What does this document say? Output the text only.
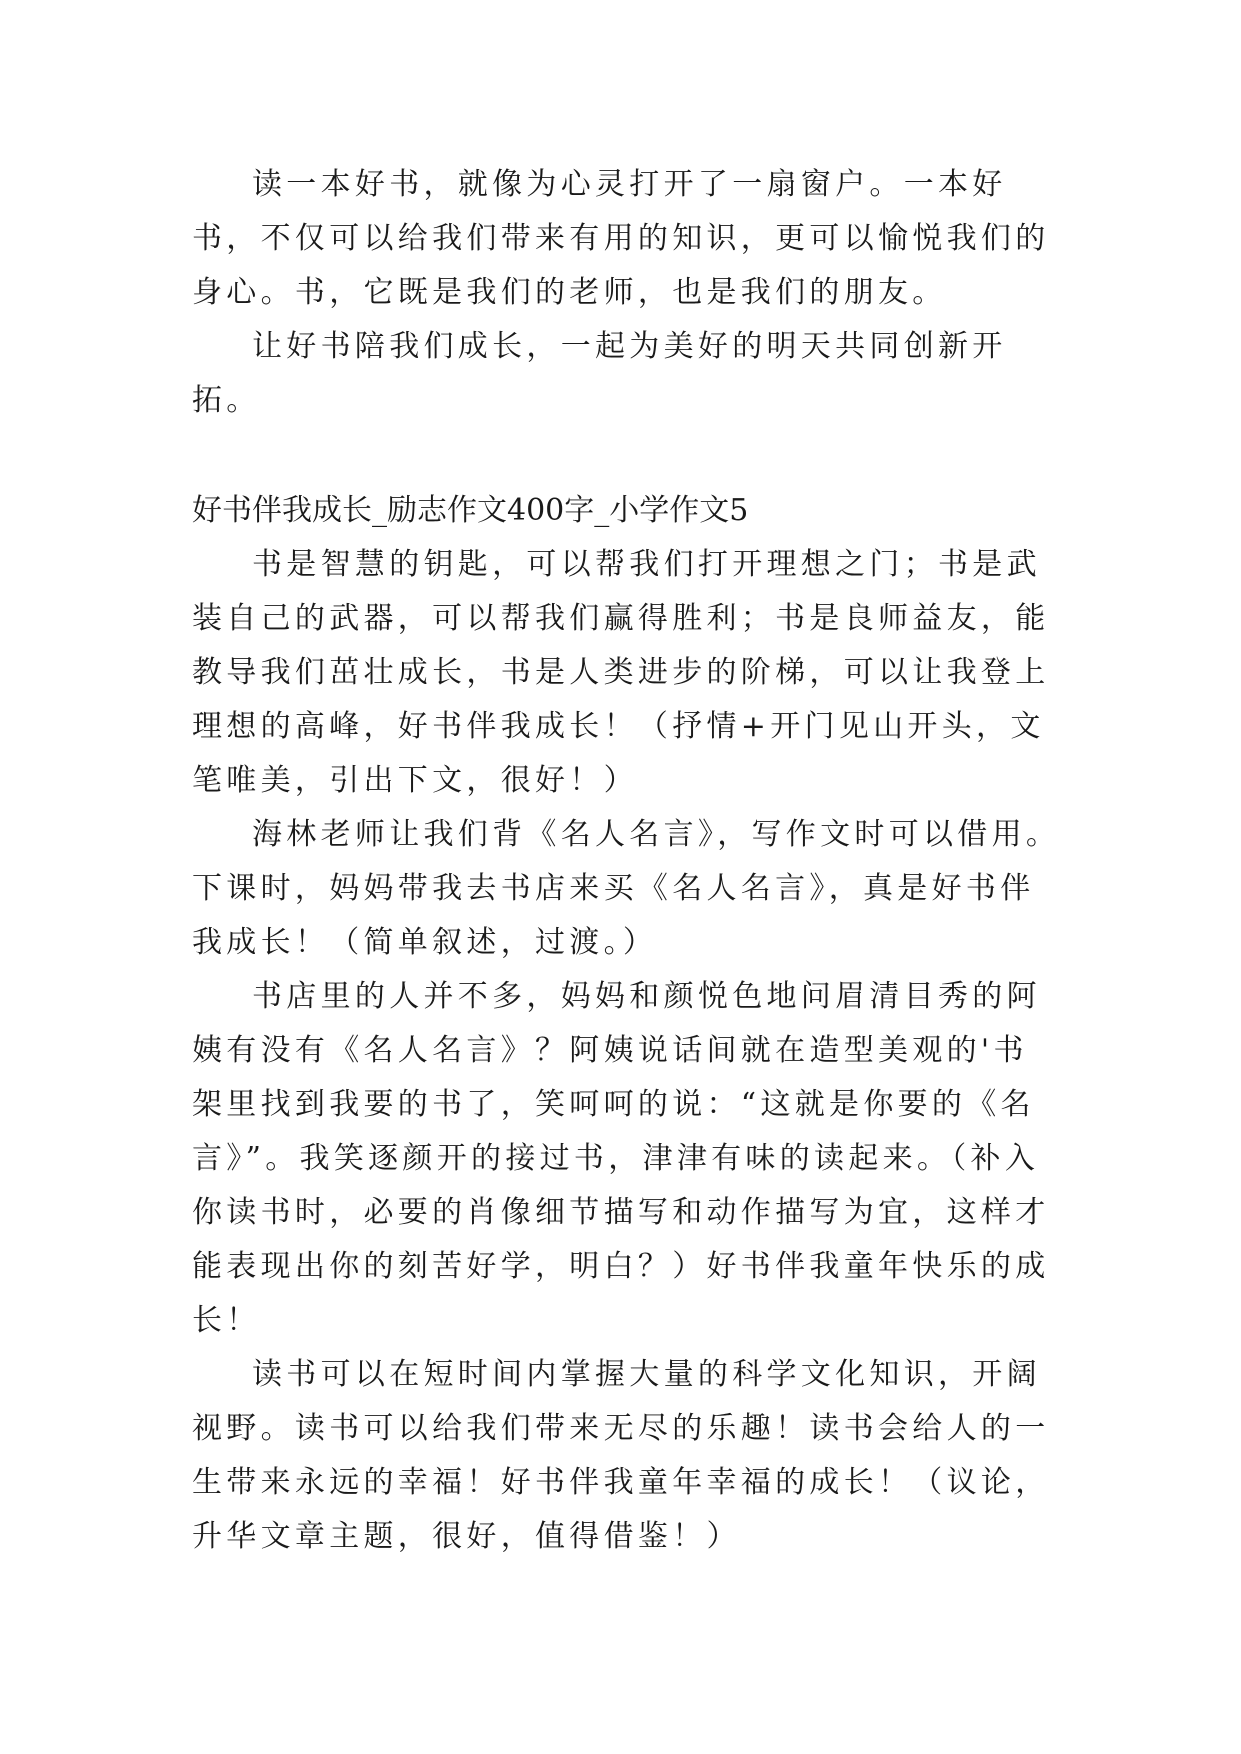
读一本好书，就像为心灵打开了一扇窗户。一本好书，不仅可以给我们带来有用的知识，更可以愉悦我们的身心。书，它既是我们的老师，也是我们的朋友。

让好书陪我们成长，一起为美好的明天共同创新开拓。

好书伴我成长_励志作文400字_小学作文5

书是智慧的钥匙，可以帮我们打开理想之门；书是武装自己的武器，可以帮我们赢得胜利；书是良师益友，能教导我们茁壮成长，书是人类进步的阶梯，可以让我登上理想的高峰，好书伴我成长！（抒情+开门见山开头，文笔唯美，引出下文，很好！）

海林老师让我们背《名人名言》，写作文时可以借用。下课时，妈妈带我去书店来买《名人名言》，真是好书伴我成长！（简单叙述，过渡。）

书店里的人并不多，妈妈和颜悦色地问眉清目秀的阿姨有没有《名人名言》？阿姨说话间就在造型美观的'书架里找到我要的书了，笑呵呵的说：“这就是你要的《名言》”。我笑逐颜开的接过书，津津有味的读起来。（补入你读书时，必要的肖像细节描写和动作描写为宜，这样才能表现出你的刻苦好学，明白？）好书伴我童年快乐的成长！

读书可以在短时间内掌握大量的科学文化知识，开阔视野。读书可以给我们带来无尽的乐趣！读书会给人的一生带来永远的幸福！好书伴我童年幸福的成长！（议论，升华文章主题，很好，值得借鉴！）
